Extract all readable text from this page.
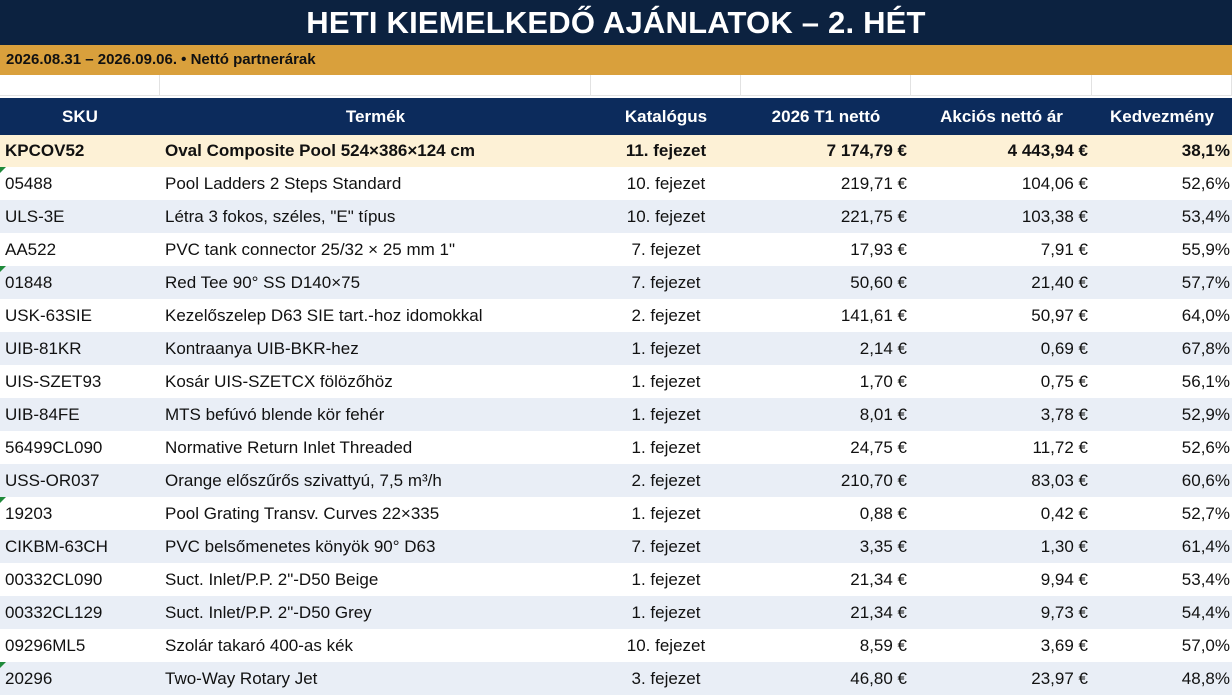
HETI KIEMELKEDŐ AJÁNLATOK – 2. HÉT
2026.08.31 – 2026.09.06. • Nettó partnerárak
SKU	Termék	Katalógus	2026 T1 nettó	Akciós nettó ár	Kedvezmény
KPCOV52	Oval Composite Pool 524×386×124 cm	11. fejezet	7 174,79 €	4 443,94 €	38,1%

05488	Pool Ladders 2 Steps Standard	10. fejezet	219,71 €	104,06 €	52,6%
ULS-3E	Létra 3 fokos, széles, "E" típus	10. fejezet	221,75 €	103,38 €	53,4%
AA522	PVC tank connector 25/32 × 25 mm 1"	7. fejezet	17,93 €	7,91 €	55,9%

01848	Red Tee 90° SS D140×75	7. fejezet	50,60 €	21,40 €	57,7%
USK-63SIE	Kezelőszelep D63 SIE tart.-hoz idomokkal	2. fejezet	141,61 €	50,97 €	64,0%
UIB-81KR	Kontraanya UIB-BKR-hez	1. fejezet	2,14 €	0,69 €	67,8%
UIS-SZET93	Kosár UIS-SZETCX fölözőhöz	1. fejezet	1,70 €	0,75 €	56,1%
UIB-84FE	MTS befúvó blende kör fehér	1. fejezet	8,01 €	3,78 €	52,9%
56499CL090	Normative Return Inlet Threaded	1. fejezet	24,75 €	11,72 €	52,6%
USS-OR037	Orange előszűrős szivattyú, 7,5 m³/h	2. fejezet	210,70 €	83,03 €	60,6%

19203	Pool Grating Transv. Curves 22×335	1. fejezet	0,88 €	0,42 €	52,7%
CIKBM-63CH	PVC belsőmenetes könyök 90° D63	7. fejezet	3,35 €	1,30 €	61,4%
00332CL090	Suct. Inlet/P.P. 2"-D50 Beige	1. fejezet	21,34 €	9,94 €	53,4%
00332CL129	Suct. Inlet/P.P. 2"-D50 Grey	1. fejezet	21,34 €	9,73 €	54,4%
09296ML5	Szolár takaró 400-as kék	10. fejezet	8,59 €	3,69 €	57,0%

20296	Two-Way Rotary Jet	3. fejezet	46,80 €	23,97 €	48,8%
